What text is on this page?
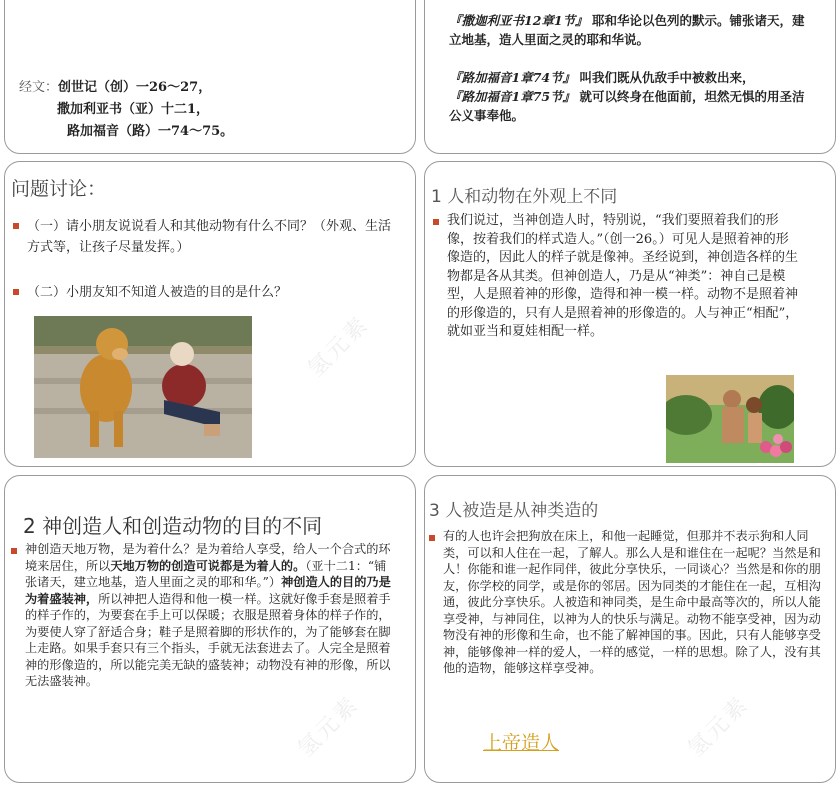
经文：创世记（创）一26～27，
撒加利亚书（亚）十二1，
路加福音（路）一74～75。
『撒迦利亚书12章1节』 耶和华论以色列的默示。铺张诸天，建立地基，造人里面之灵的耶和华说。
『路加福音1章74节』 叫我们既从仇敌手中被救出来，
『路加福音1章75节』 就可以终身在他面前，坦然无惧的用圣洁公义事奉他。
问题讨论：
（一）请小朋友说说看人和其他动物有什么不同？（外观、生活方式等，让孩子尽量发挥。）
（二）小朋友知不知道人被造的目的是什么？
1 人和动物在外观上不同
我们说过，当神创造人时，特别说，“我们要照着我们的形像，按着我们的样式造人。”（创一26。）可见人是照着神的形像造的，因此人的样子就是像神。圣经说到，神创造各样的生物都是各从其类。但神创造人，乃是从“神类”：神自己是模型，人是照着神的形像，造得和神一模一样。动物不是照着神的形像造的，只有人是照着神的形像造的。人与神正“相配”，就如亚当和夏娃相配一样。
2 神创造人和创造动物的目的不同
神创造天地万物，是为着什么？是为着给人享受，给人一个合式的环境来居住，所以天地万物的创造可说都是为着人的。（亚十二1：“铺张诸天，建立地基，造人里面之灵的耶和华。”）神创造人的目的乃是为着盛装神，所以神把人造得和他一模一样。这就好像手套是照着手的样子作的，为要套在手上可以保暖；衣服是照着身体的样子作的，为要使人穿了舒适合身；鞋子是照着脚的形状作的，为了能够套在脚上走路。如果手套只有三个指头，手就无法套进去了。人完全是照着神的形像造的，所以能完美无缺的盛装神；动物没有神的形像，所以无法盛装神。
3 人被造是从神类造的
有的人也许会把狗放在床上，和他一起睡觉，但那并不表示狗和人同类，可以和人住在一起，了解人。那么人是和谁住在一起呢？当然是和人！你能和谁一起作同伴，彼此分享快乐，一同谈心？当然是和你的朋友，你学校的同学，或是你的邻居。因为同类的才能住在一起，互相沟通，彼此分享快乐。人被造和神同类，是生命中最高等次的，所以人能享受神，与神同住，以神为人的快乐与满足。动物不能享受神，因为动物没有神的形像和生命，也不能了解神国的事。因此，只有人能够享受神，能够像神一样的爱人，一样的感觉，一样的思想。除了人，没有其他的造物，能够这样享受神。
上帝造人
